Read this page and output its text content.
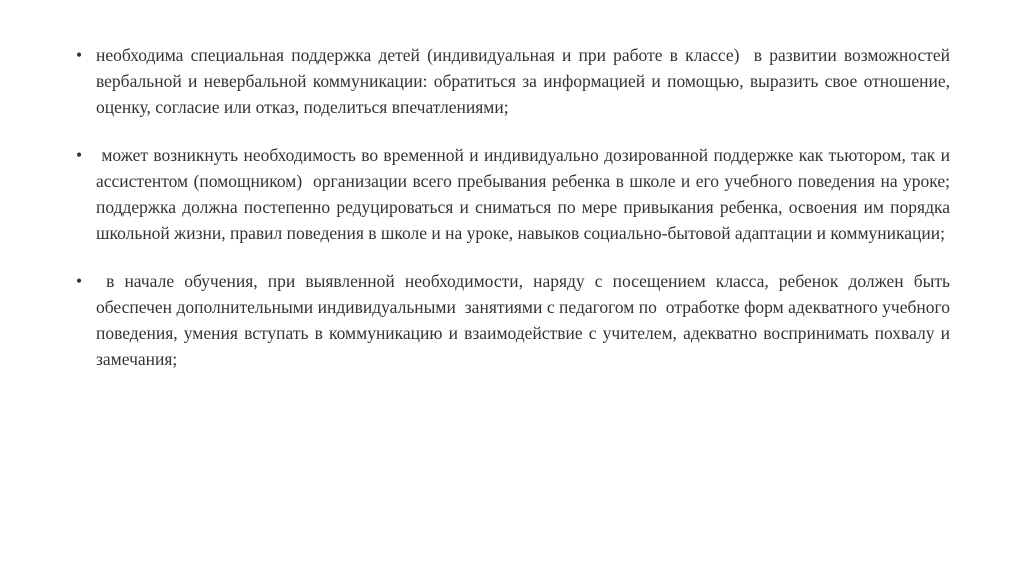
• необходима специальная поддержка детей (индивидуальная и при работе в классе)  в развитии возможностей вербальной и невербальной коммуникации: обратиться за информацией и помощью, выразить свое отношение, оценку, согласие или отказ, поделиться впечатлениями;
• может возникнуть необходимость во временной и индивидуально дозированной поддержке как тьютором, так и ассистентом (помощником)  организации всего пребывания ребенка в школе и его учебного поведения на уроке; поддержка должна постепенно редуцироваться и сниматься по мере привыкания ребенка, освоения им порядка школьной жизни, правил поведения в школе и на уроке, навыков социально-бытовой адаптации и коммуникации;
• в начале обучения, при выявленной необходимости, наряду с посещением класса, ребенок должен быть обеспечен дополнительными индивидуальными  занятиями с педагогом по  отработке форм адекватного учебного поведения, умения вступать в коммуникацию и взаимодействие с учителем, адекватно воспринимать похвалу и замечания;
